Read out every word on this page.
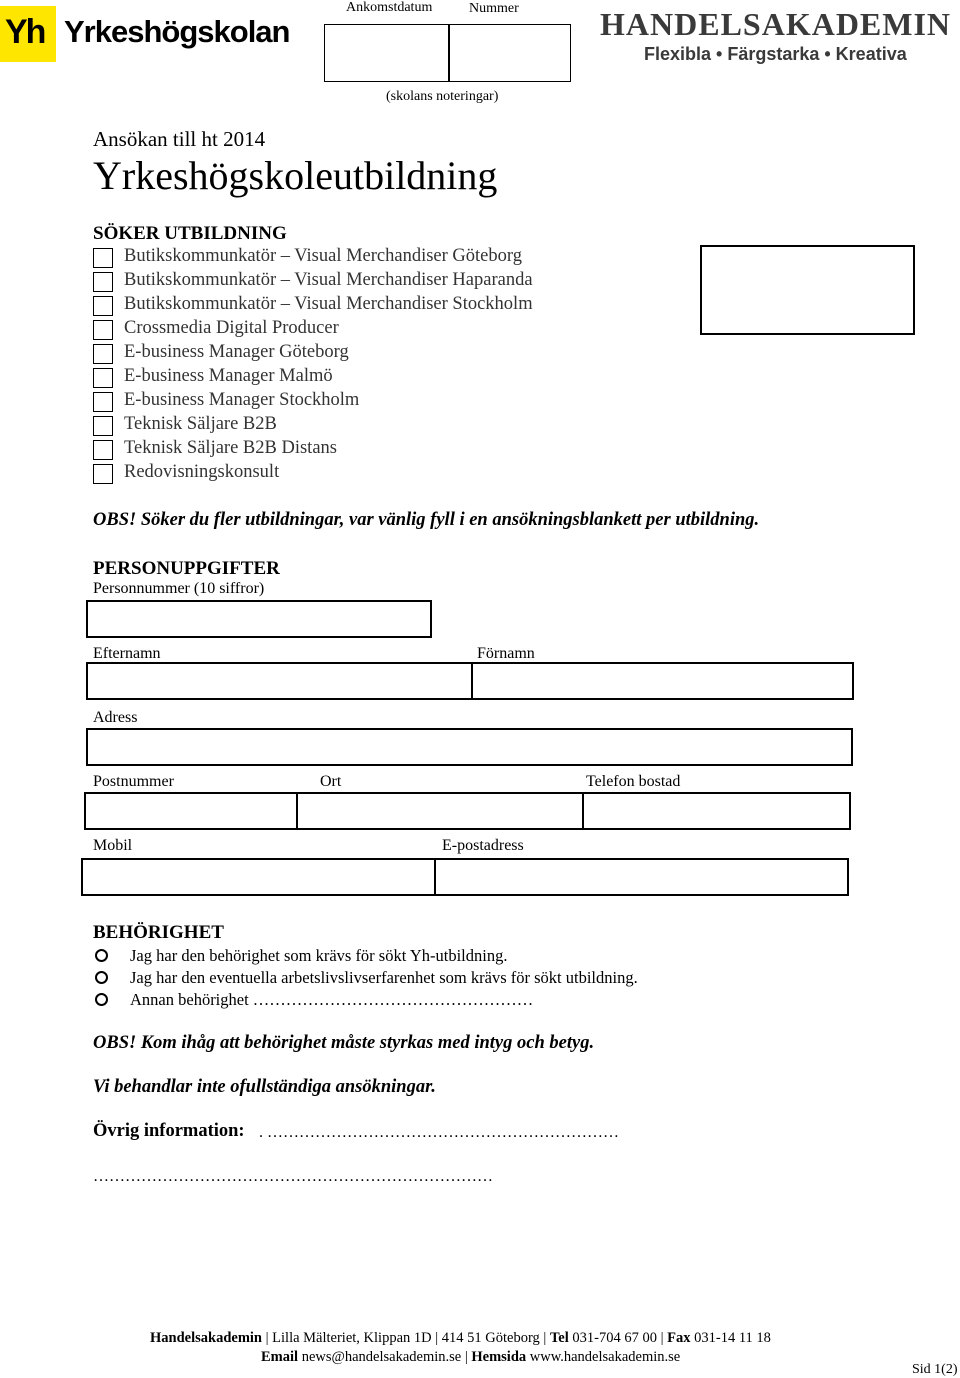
Yh Yrkeshögskolan
Ankomstdatum	Nummer
(skolans noteringar)
HANDELSAKADEMIN
Flexibla • Färgstarka • Kreativa
Ansökan till ht 2014
Yrkeshögskoleutbildning
SÖKER UTBILDNING
Butikskommunkatör – Visual Merchandiser Göteborg
Butikskommunkatör – Visual Merchandiser Haparanda
Butikskommunkatör – Visual Merchandiser Stockholm
Crossmedia Digital Producer
E-business Manager Göteborg
E-business Manager Malmö
E-business Manager Stockholm
Teknisk Säljare B2B
Teknisk Säljare B2B Distans
Redovisningskonsult
OBS! Söker du fler utbildningar, var vänlig fyll i en ansökningsblankett per utbildning.
PERSONUPPGIFTER
Personnummer (10 siffror)
Efternamn	Förnamn
Adress
Postnummer	Ort	Telefon bostad
Mobil	E-postadress
BEHÖRIGHET
Jag har den behörighet som krävs för sökt Yh-utbildning.
Jag har den eventuella arbetslivslivserfarenhet som krävs för sökt utbildning.
Annan behörighet ……………………………………………
OBS! Kom ihåg att behörighet måste styrkas med intyg och betyg.
Vi behandlar inte ofullständiga ansökningar.
Övrig information: . …………………………………………………………
…………………………………………………………………
Handelsakademin | Lilla Mälteriet, Klippan 1D | 414 51 Göteborg | Tel 031-704 67 00 | Fax 031-14 11 18
Email news@handelsakademin.se | Hemsida www.handelsakademin.se
Sid 1(2)
